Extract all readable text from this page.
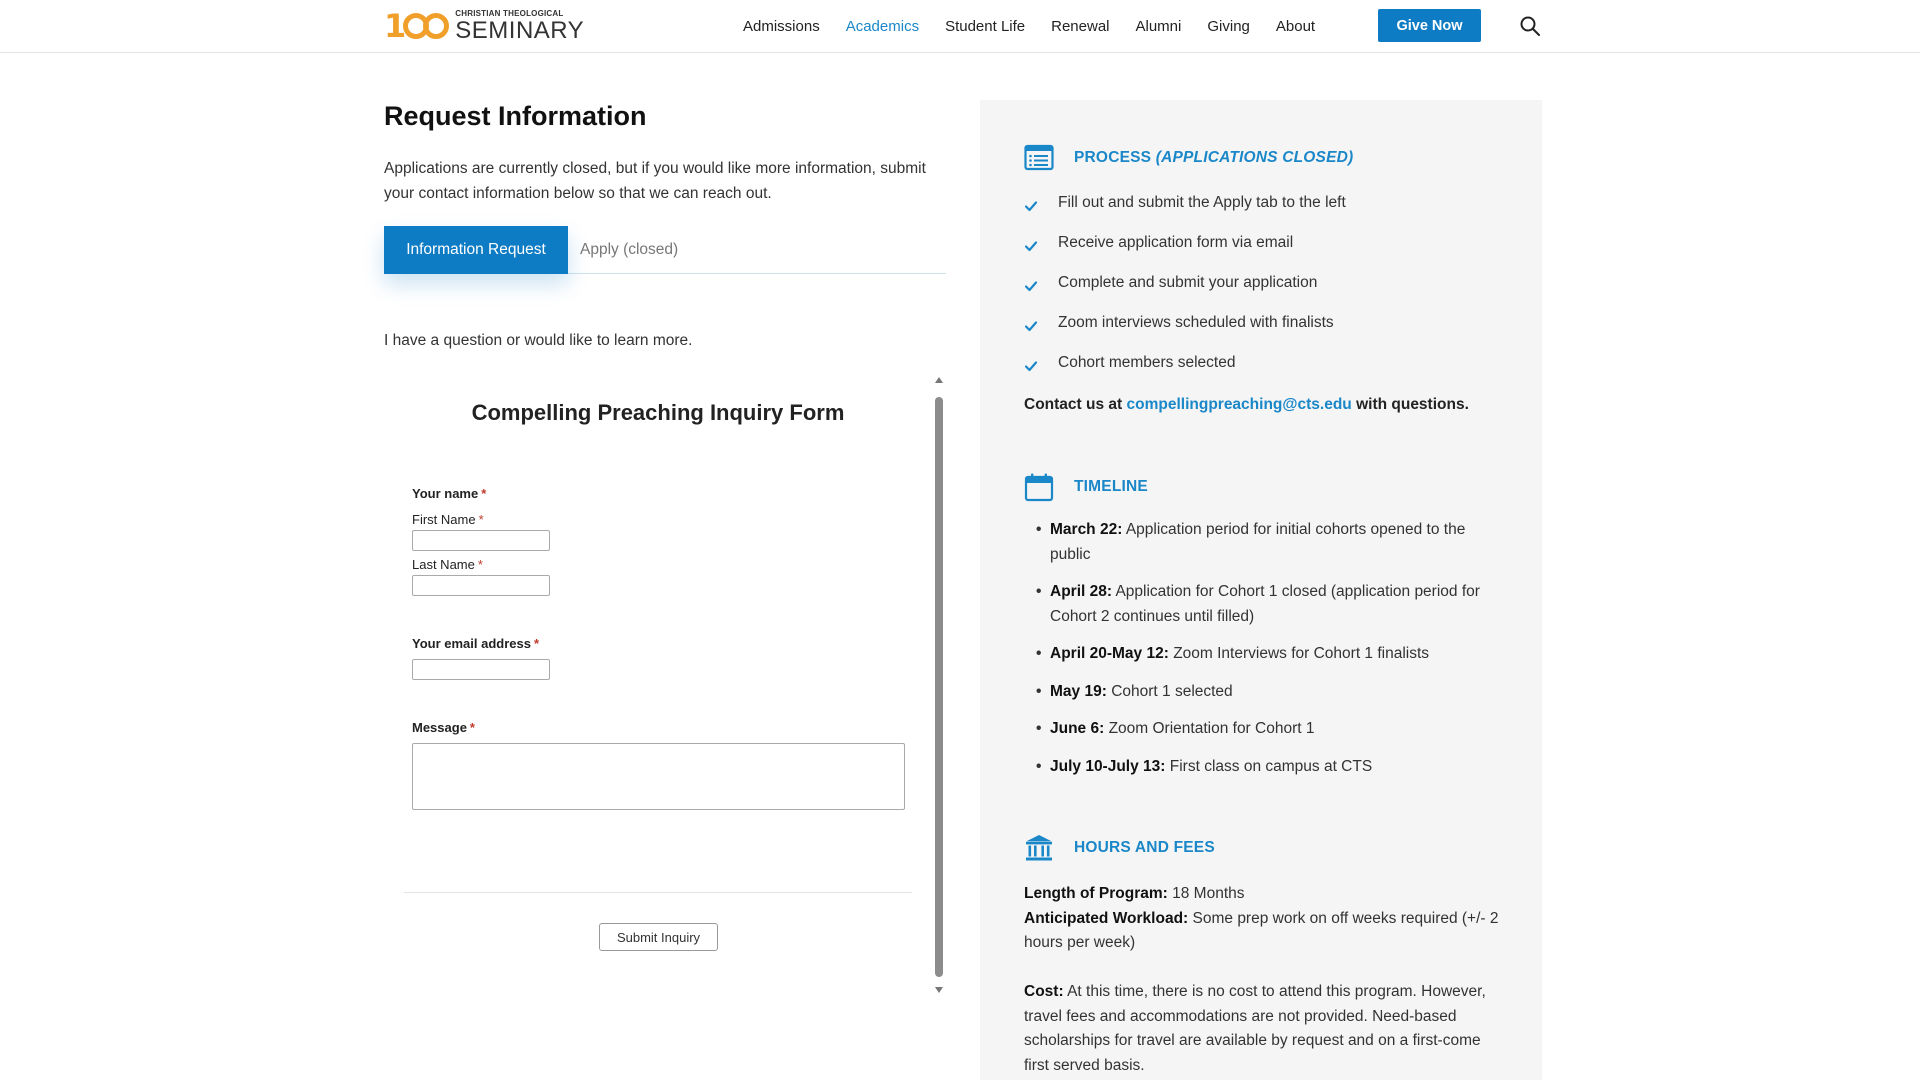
1	CHRISTIAN THEOLOGICAL
SEMINARY	Admissions Academics Student Life Renewal Alumni Giving About	Give Now
Request Information

Applications are currently closed, but if you would like more information, submit your contact information below so that we can reach out.

Information Request	Apply (closed)

I have a question or would like to learn more.

Compelling Preaching Inquiry Form
Your name *
First Name *
Last Name *
Your email address *
Message *
Submit Inquiry
PROCESS (APPLICATIONS CLOSED)
Fill out and submit the Apply tab to the left
Receive application form via email
Complete and submit your application
Zoom interviews scheduled with finalists
Cohort members selected

Contact us at compellingpreaching@cts.edu with questions.

TIMELINE
• March 22: Application period for initial cohorts opened to the public
• April 28: Application for Cohort 1 closed (application period for Cohort 2 continues until filled)
• April 20-May 12: Zoom Interviews for Cohort 1 finalists
• May 19: Cohort 1 selected
• June 6: Zoom Orientation for Cohort 1
• July 10-July 13: First class on campus at CTS
HOURS AND FEES
Length of Program: 18 Months
Anticipated Workload: Some prep work on off weeks required (+/- 2 hours per week)
Cost: At this time, there is no cost to attend this program. However, travel fees and accommodations are not provided. Need-based scholarships for travel are available by request and on a first-come first served basis.
